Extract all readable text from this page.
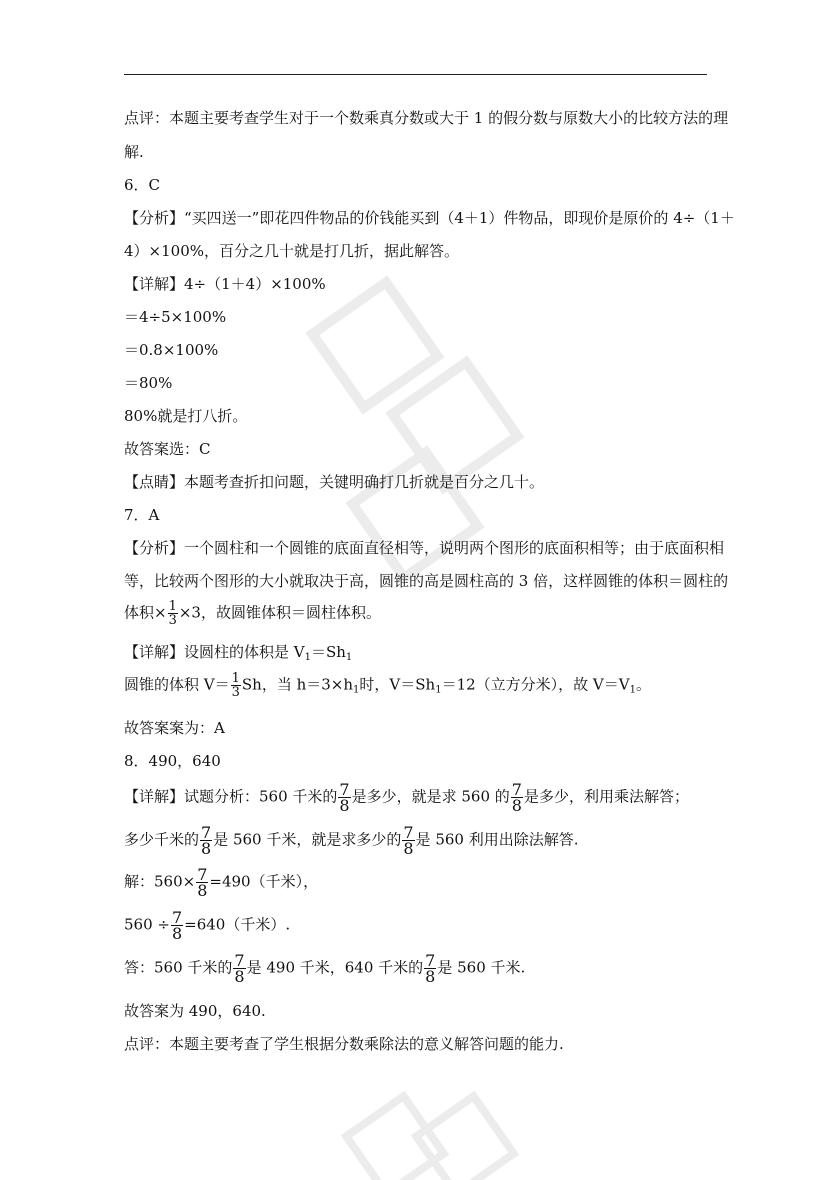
点评：本题主要考查学生对于一个数乘真分数或大于 1 的假分数与原数大小的比较方法的理
解.
6．C
【分析】“买四送一”即花四件物品的价钱能买到（4＋1）件物品，即现价是原价的 4÷（1＋
4）×100%，百分之几十就是打几折，据此解答。
【详解】4÷（1＋4）×100%
＝4÷5×100%
＝0.8×100%
＝80%
80%就是打八折。
故答案选：C
【点睛】本题考查折扣问题，关键明确打几折就是百分之几十。
7．A
【分析】一个圆柱和一个圆锥的底面直径相等，说明两个图形的底面积相等；由于底面积相
等，比较两个图形的大小就取决于高，圆锥的高是圆柱高的 3 倍，这样圆锥的体积＝圆柱的
体积× $\frac{1}{3} \times 3$，故圆锥体积＝圆柱体积。
【详解】设圆柱的体积是 $V_1=Sh_1$
圆锥的体积 $V= \frac{1}{3}$ Sh，当 $h=3\times h_1$时，$V=Sh_1=12$（立方分米），故 $V=V_1$。
故答案案为：A
8．490，640
【详解】试题分析：560 千米的 $\frac{7}{8}$ 是多少，就是求 560 的 $\frac{7}{8}$ 是多少，利用乘法解答；
多少千米的 $\frac{7}{8}$ 是 560 千米，就是求多少的 $\frac{7}{8}$ 是 560 利用出除法解答.
解：$560\times \frac{7}{8} =490$（千米），
$560 \div \frac{7}{8} =640$（千米）.
答：560 千米的 $\frac{7}{8}$ 是 490 千米，640 千米的 $\frac{7}{8}$ 是 560 千米.
故答案为 490，640.
点评：本题主要考查了学生根据分数乘除法的意义解答问题的能力.
